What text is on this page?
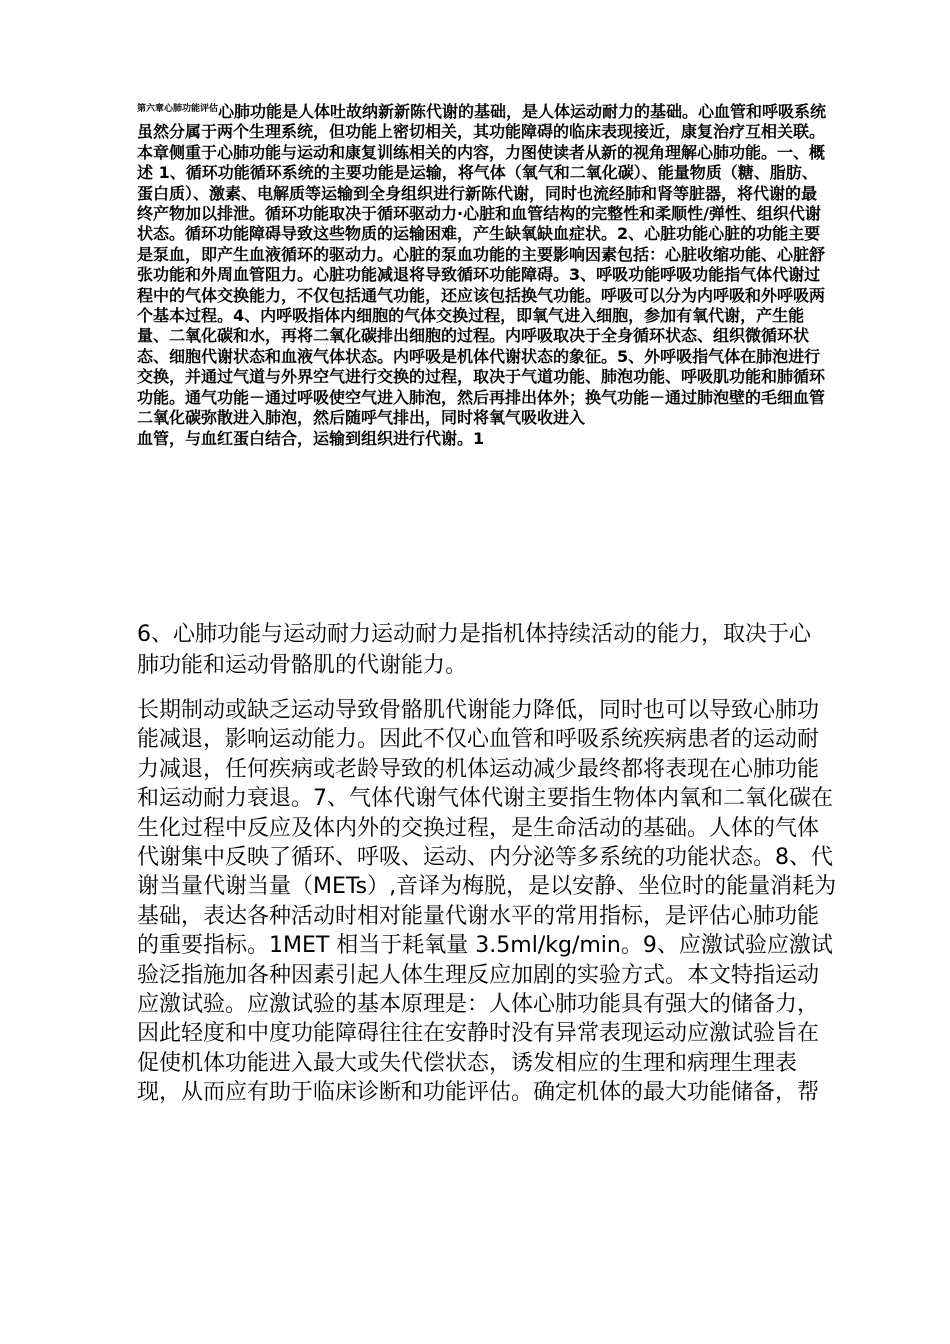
$^{第六章心肺功能评估}$心肺功能是人体吐故纳新新陈代谢的基础，是人体运动耐力的基础。心血管和呼吸系统虽然分属于两个生理系统，但功能上密切相关，其功能障碍的临床表现接近，康复治疗互相关联。本章侧重于心肺功能与运动和康复训练相关的内容，力图使读者从新的视角理解心肺功能。一、概述 1、循环功能循环系统的主要功能是运输，将气体（氧气和二氧化碳）、能量物质（糖、脂肪、蛋白质）、激素、电解质等运输到全身组织进行新陈代谢，同时也流经肺和肾等脏器，将代谢的最终产物加以排泄。循环功能取决于循环驱动力·心脏和血管结构的完整性和柔顺性/弹性、组织代谢状态。循环功能障碍导致这些物质的运输困难，产生缺氧缺血症状。2、心脏功能心脏的功能主要是泵血，即产生血液循环的驱动力。心脏的泵血功能的主要影响因素包括：心脏收缩功能、心脏舒张功能和外周血管阻力。心脏功能减退将导致循环功能障碍。3、呼吸功能呼吸功能指气体代谢过程中的气体交换能力，不仅包括通气功能，还应该包括换气功能。呼吸可以分为内呼吸和外呼吸两个基本过程。4、内呼吸指体内细胞的气体交换过程，即氧气进入细胞，参加有氧代谢，产生能量、二氧化碳和水，再将二氧化碳排出细胞的过程。内呼吸取决于全身循环状态、组织微循环状态、细胞代谢状态和血液气体状态。内呼吸是机体代谢状态的象征。5、外呼吸指气体在肺泡进行交换，并通过气道与外界空气进行交换的过程，取决于气道功能、肺泡功能、呼吸肌功能和肺循环功能。通气功能－通过呼吸使空气进入肺泡，然后再排出体外；换气功能－通过肺泡壁的毛细血管二氧化碳弥散进入肺泡，然后随呼气排出，同时将氧气吸收进入
血管，与血红蛋白结合，运输到组织进行代谢。1
6、心肺功能与运动耐力运动耐力是指机体持续活动的能力，取决于心肺功能和运动骨骼肌的代谢能力。
长期制动或缺乏运动导致骨骼肌代谢能力降低，同时也可以导致心肺功能减退，影响运动能力。因此不仅心血管和呼吸系统疾病患者的运动耐力减退，任何疾病或老龄导致的机体运动减少最终都将表现在心肺功能和运动耐力衰退。7、气体代谢气体代谢主要指生物体内氧和二氧化碳在生化过程中反应及体内外的交换过程，是生命活动的基础。人体的气体代谢集中反映了循环、呼吸、运动、内分泌等多系统的功能状态。8、代谢当量代谢当量（METs）,音译为梅脱，是以安静、坐位时的能量消耗为基础，表达各种活动时相对能量代谢水平的常用指标，是评估心肺功能的重要指标。1MET 相当于耗氧量 3.5ml/kg/min。9、应激试验应激试验泛指施加各种因素引起人体生理反应加剧的实验方式。本文特指运动应激试验。应激试验的基本原理是：人体心肺功能具有强大的储备力，因此轻度和中度功能障碍往往在安静时没有异常表现运动应激试验旨在促使机体功能进入最大或失代偿状态，诱发相应的生理和病理生理表现，从而应有助于临床诊断和功能评估。确定机体的最大功能储备，帮
